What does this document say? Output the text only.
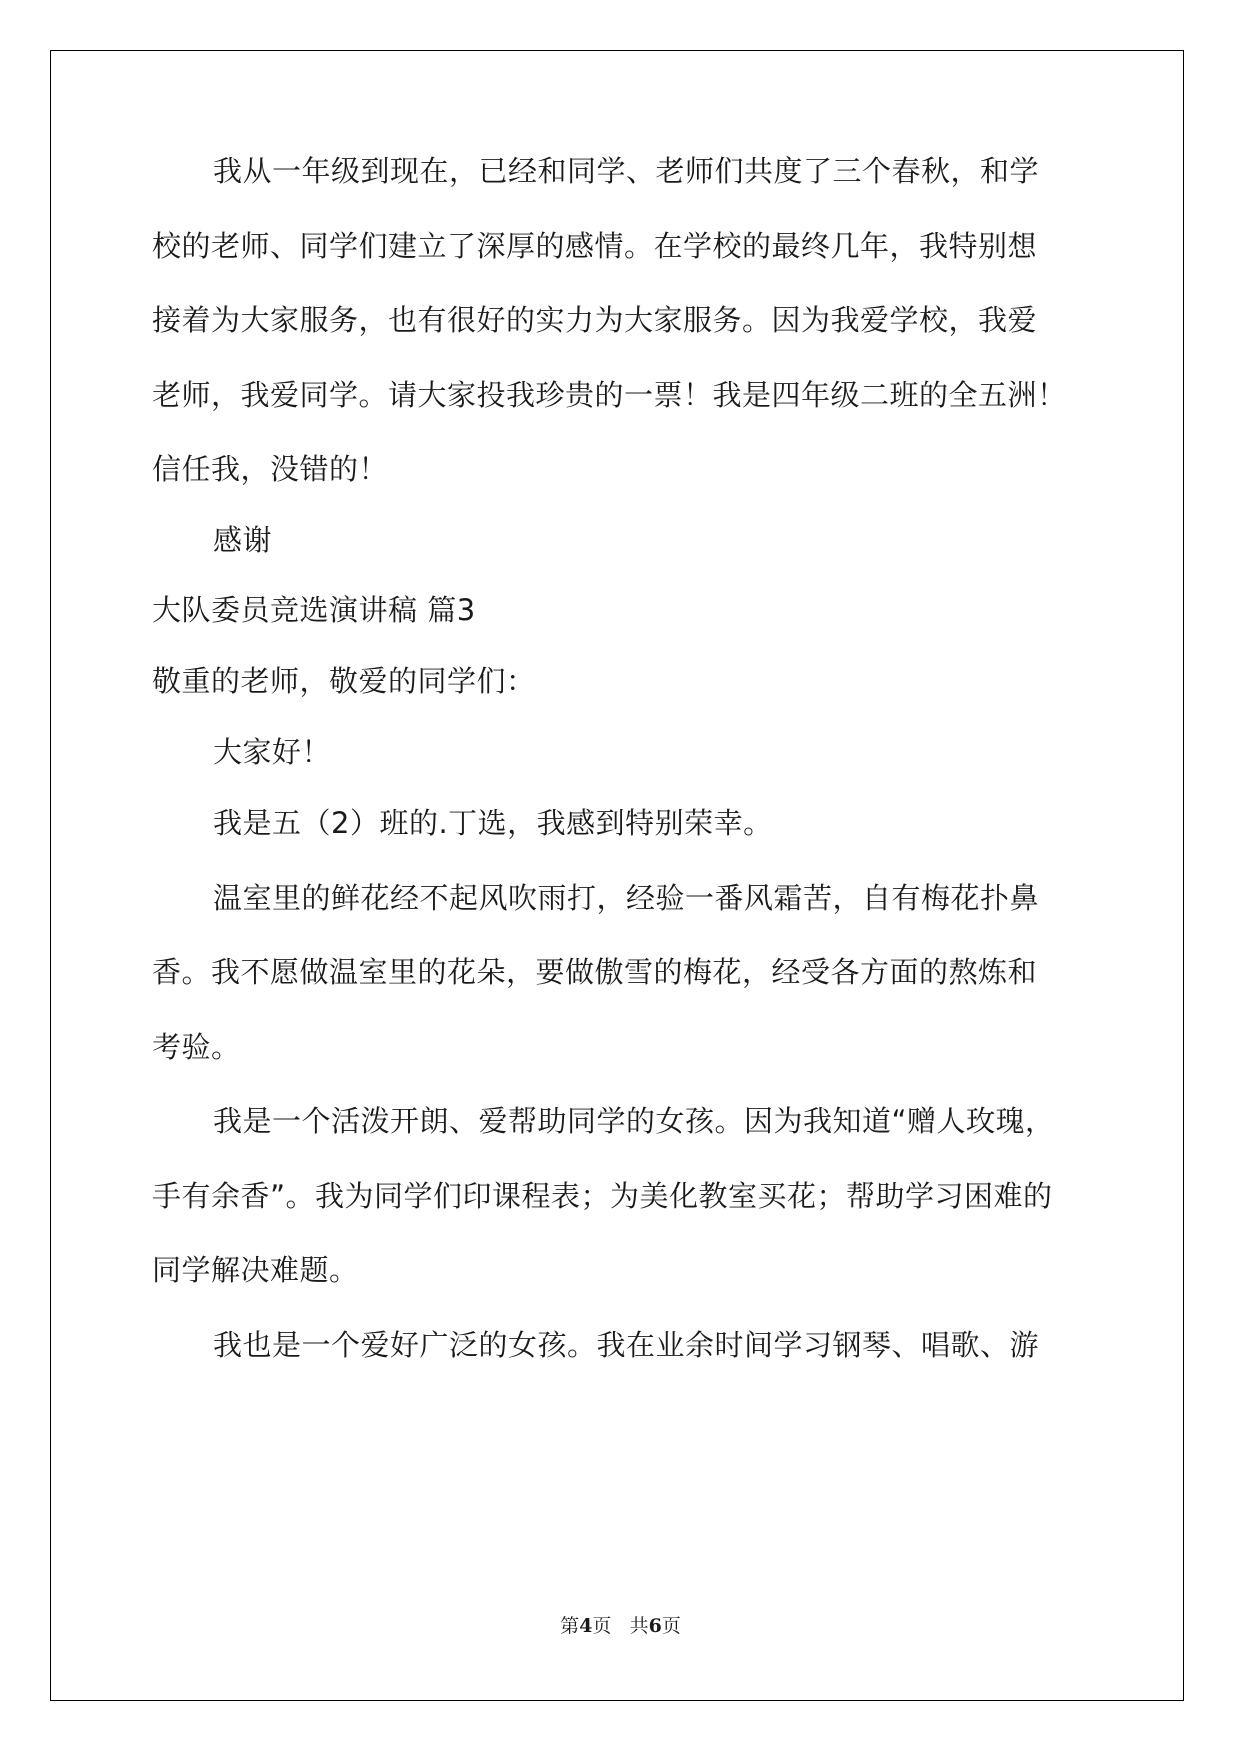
我从一年级到现在，已经和同学、老师们共度了三个春秋，和学

校的老师、同学们建立了深厚的感情。在学校的最终几年，我特别想

接着为大家服务，也有很好的实力为大家服务。因为我爱学校，我爱

老师，我爱同学。请大家投我珍贵的一票！我是四年级二班的全五洲！

信任我，没错的！

感谢

大队委员竞选演讲稿 篇3

敬重的老师，敬爱的同学们：

大家好！

我是五（2）班的.丁选，我感到特别荣幸。

温室里的鲜花经不起风吹雨打，经验一番风霜苦，自有梅花扑鼻

香。我不愿做温室里的花朵，要做傲雪的梅花，经受各方面的熬炼和

考验。

我是一个活泼开朗、爱帮助同学的女孩。因为我知道“赠人玫瑰，

手有余香”。我为同学们印课程表；为美化教室买花；帮助学习困难的

同学解决难题。

我也是一个爱好广泛的女孩。我在业余时间学习钢琴、唱歌、游

第4页 共6页
